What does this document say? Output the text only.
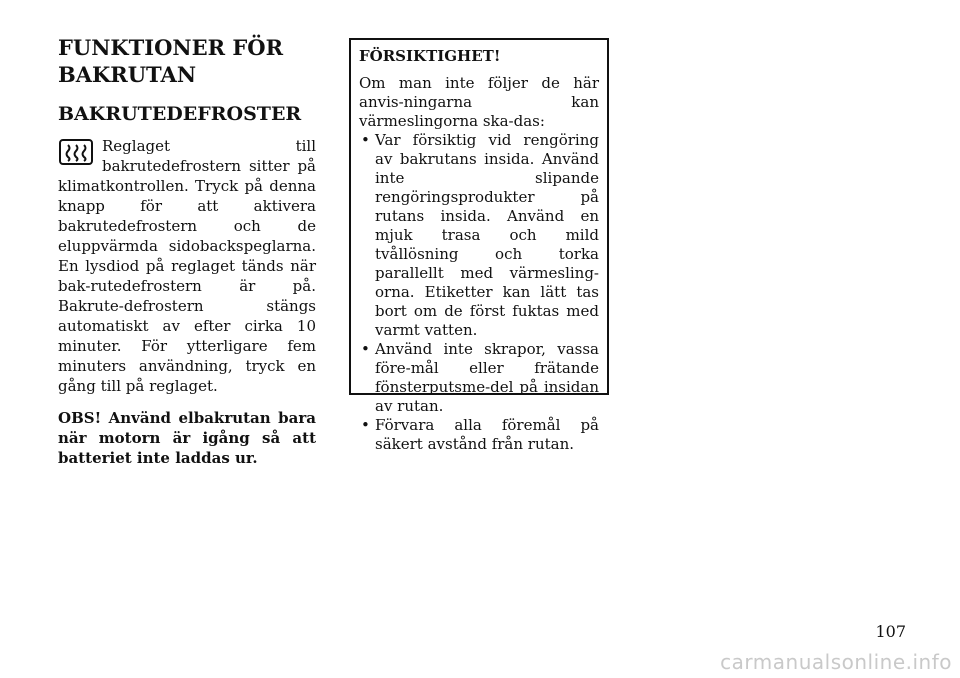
FUNKTIONER FÖR BAKRUTAN
BAKRUTEDEFROSTER
Reglaget till bakrutedefrostern sitter på klimatkontrollen. Tryck på denna knapp för att aktivera bakrutedefrostern och de eluppvärmda sidobackspeglarna. En lysdiod på reglaget tänds när bak-rutedefrostern är på. Bakrute-defrostern stängs automatiskt av efter cirka 10 minuter. För ytterligare fem minuters användning, tryck en gång till på reglaget.
OBS! Använd elbakrutan bara när motorn är igång så att batteriet inte laddas ur.
FÖRSIKTIGHET!
Om man inte följer de här anvis-ningarna kan värmeslingorna ska-das:
• Var försiktig vid rengöring av bakrutans insida. Använd inte slipande rengöringsprodukter på rutans insida. Använd en mjuk trasa och mild tvållösning och torka parallellt med värmesling-orna. Etiketter kan lätt tas bort om de först fuktas med varmt vatten.
• Använd inte skrapor, vassa före-mål eller frätande fönsterputsme-del på insidan av rutan.
• Förvara alla föremål på säkert avstånd från rutan.
107
carmanualsonline.info
